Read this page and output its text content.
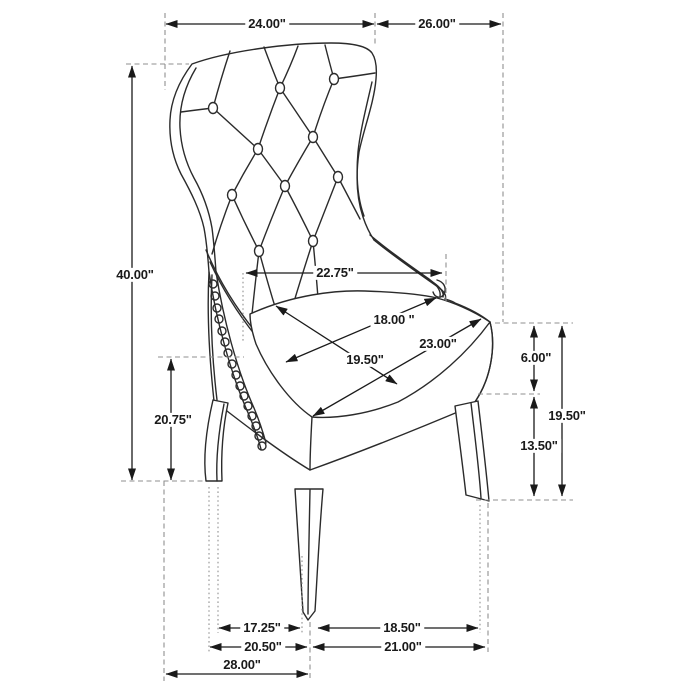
24.00"	26.00"
40.00"	22.75"
18.00 "
23.00"
19.50"	6.00"
19.50"
13.50"
20.75"
17.25"	18.50"
20.50"	21.00"
28.00"
